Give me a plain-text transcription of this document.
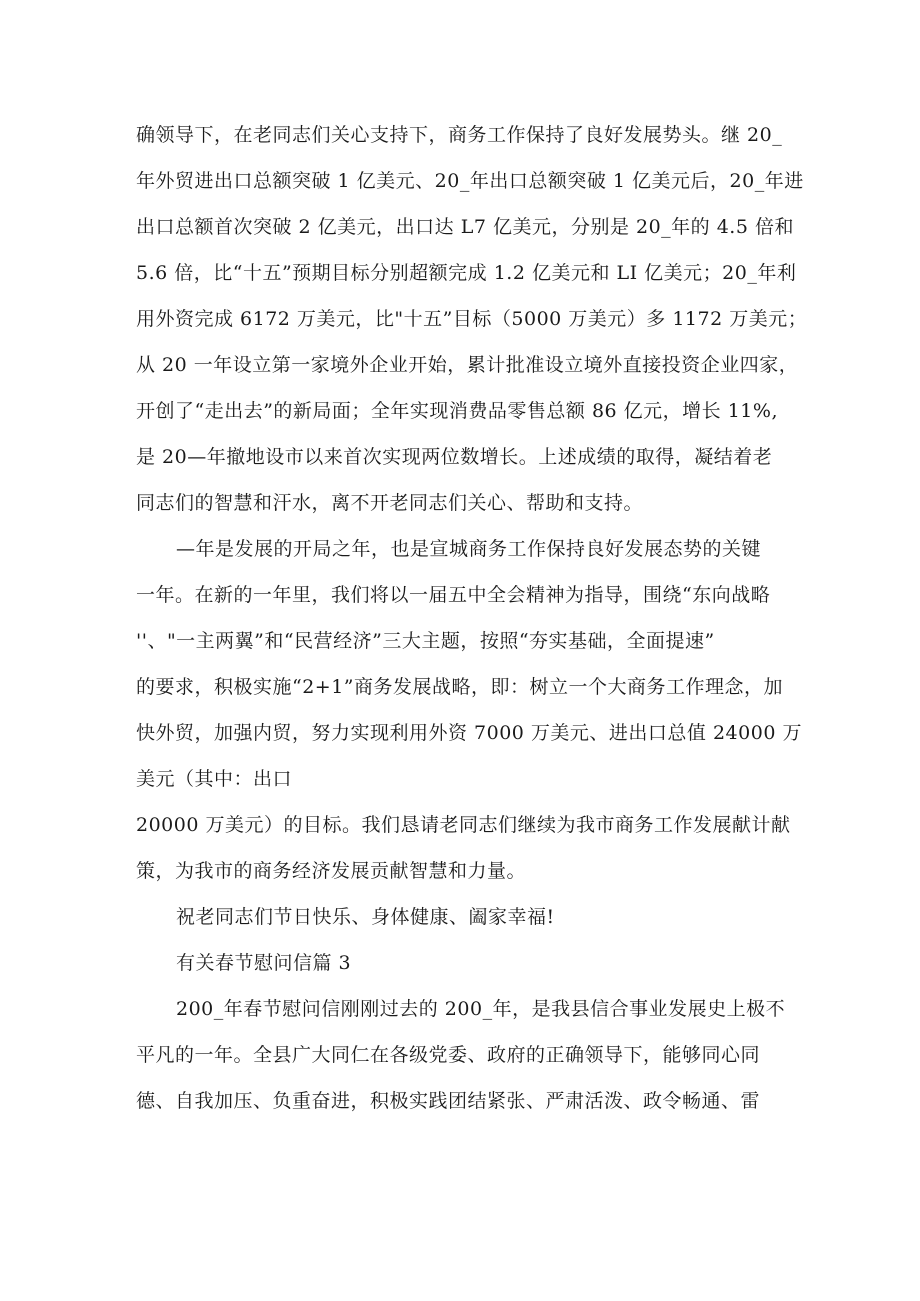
确领导下，在老同志们关心支持下，商务工作保持了良好发展势头。继 20_
年外贸进出口总额突破 1 亿美元、20_年出口总额突破 1 亿美元后，20_年进
出口总额首次突破 2 亿美元，出口达 L7 亿美元，分别是 20_年的 4.5 倍和
5.6 倍，比“十五”预期目标分别超额完成 1.2 亿美元和 LI 亿美元；20_年利
用外资完成 6172 万美元，比"十五”目标（5000 万美元）多 1172 万美元；
从 20 一年设立第一家境外企业开始，累计批准设立境外直接投资企业四家，
开创了“走出去”的新局面；全年实现消费品零售总额 86 亿元，增长 11%,
是 20—年撤地设市以来首次实现两位数增长。上述成绩的取得，凝结着老
同志们的智慧和汗水，离不开老同志们关心、帮助和支持。
—年是发展的开局之年，也是宣城商务工作保持良好发展态势的关键
一年。在新的一年里，我们将以一届五中全会精神为指导，围绕“东向战略
''、"一主两翼”和“民营经济”三大主题，按照“夯实基础，全面提速”
的要求，积极实施“2+1”商务发展战略，即：树立一个大商务工作理念，加
快外贸，加强内贸，努力实现利用外资 7000 万美元、进出口总值 24000 万
美元（其中：出口
20000 万美元）的目标。我们恳请老同志们继续为我市商务工作发展献计献
策，为我市的商务经济发展贡献智慧和力量。
祝老同志们节日快乐、身体健康、阖家幸福!
有关春节慰问信篇 3
200_年春节慰问信刚刚过去的 200_年，是我县信合事业发展史上极不
平凡的一年。全县广大同仁在各级党委、政府的正确领导下，能够同心同
德、自我加压、负重奋进，积极实践团结紧张、严肃活泼、政令畅通、雷
